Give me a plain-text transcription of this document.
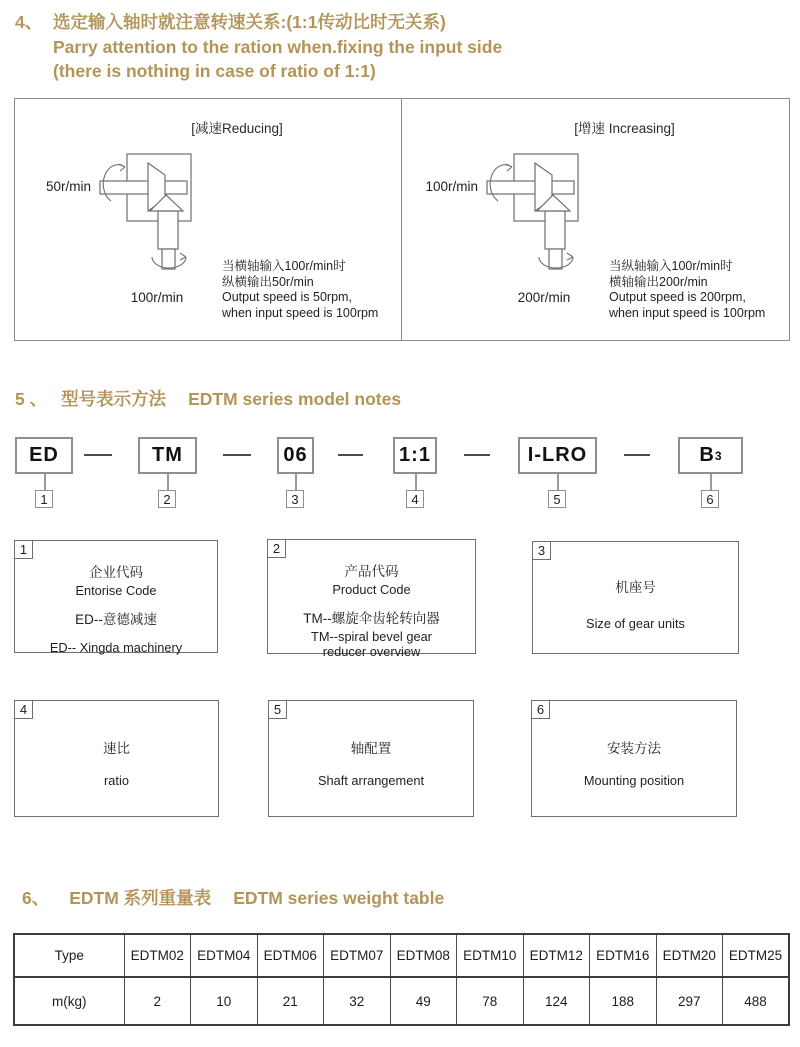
4、 选定输入轴时就注意转速关系:(1:1传动比时无关系)
Parry attention to the ration when.fixing the input side
(there is nothing in case of ratio of 1:1)
[减速Reducing]
50r/min
100r/min
当横轴输入100r/min时
纵横输出50r/min
Output speed is 50rpm,
when input speed is 100rpm
[增速 Increasing]
100r/min
200r/min
当纵轴输入100r/min时
横轴输出200r/min
Output speed is 200rpm,
when input speed is 100rpm
5 、 型号表示方法 EDTM series model notes
ED	TM	06	1:1	I-LRO	B 3
1	2	3	4	5	6
1
企业代码
Entorise Code
ED--意德减速
ED-- Xingda machinery
2
产品代码
Product Code
TM--螺旋伞齿轮转向器
TM--spiral bevel gear
reducer overview
3
机座号
Size of gear units
4
速比
ratio
5
轴配置
Shaft arrangement
6
安装方法
Mounting position
6、 EDTM 系列重量表 EDTM series weight table
Type	EDTM02	EDTM04	EDTM06	EDTM07	EDTM08	EDTM10	EDTM12	EDTM16	EDTM20	EDTM25
m(kg)	2	10	21	32	49	78	124	188	297	488
